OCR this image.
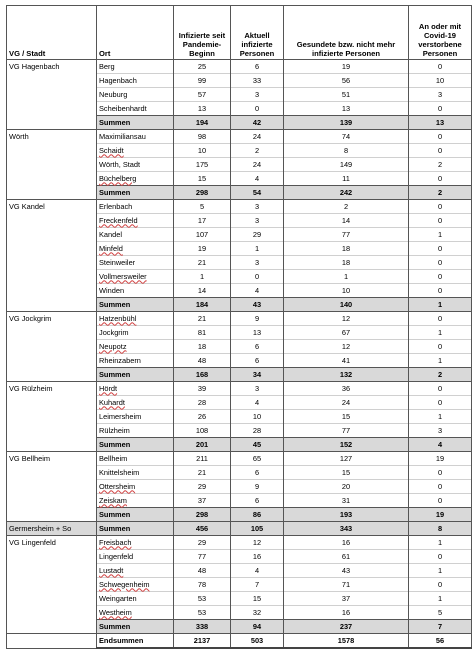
VG / Stadt	Ort	Infizierte seit Pandemie-Beginn	Aktuell infizierte Personen	Gesundete bzw. nicht mehr infizierte Personen	An oder mit Covid-19 verstorbene Personen
VG Hagenbach	Berg	25	6	19	0
	Hagenbach	99	33	56	10
	Neuburg	57	3	51	3
	Scheibenhardt	13	0	13	0
	Summen	194	42	139	13
Wörth	Maximiliansau	98	24	74	0
	Schaidt	10	2	8	0
	Wörth, Stadt	175	24	149	2
	Büchelberg	15	4	11	0
	Summen	298	54	242	2
VG Kandel	Erlenbach	5	3	2	0
	Freckenfeld	17	3	14	0
	Kandel	107	29	77	1
	Minfeld	19	1	18	0
	Steinweiler	21	3	18	0
	Vollmersweiler	1	0	1	0
	Winden	14	4	10	0
	Summen	184	43	140	1
VG Jockgrim	Hatzenbühl	21	9	12	0
	Jockgrim	81	13	67	1
	Neupotz	18	6	12	0
	Rheinzabern	48	6	41	1
	Summen	168	34	132	2
VG Rülzheim	Hördt	39	3	36	0
	Kuhardt	28	4	24	0
	Leimersheim	26	10	15	1
	Rülzheim	108	28	77	3
	Summen	201	45	152	4
VG Bellheim	Bellheim	211	65	127	19
	Knittelsheim	21	6	15	0
	Ottersheim	29	9	20	0
	Zeiskam	37	6	31	0
	Summen	298	86	193	19
Germersheim + So	Summen	456	105	343	8
VG Lingenfeld	Freisbach	29	12	16	1
	Lingenfeld	77	16	61	0
	Lustadt	48	4	43	1
	Schwegenheim	78	7	71	0
	Weingarten	53	15	37	1
	Westheim	53	32	16	5
	Summen	338	94	237	7
	Endsummen	2137	503	1578	56
